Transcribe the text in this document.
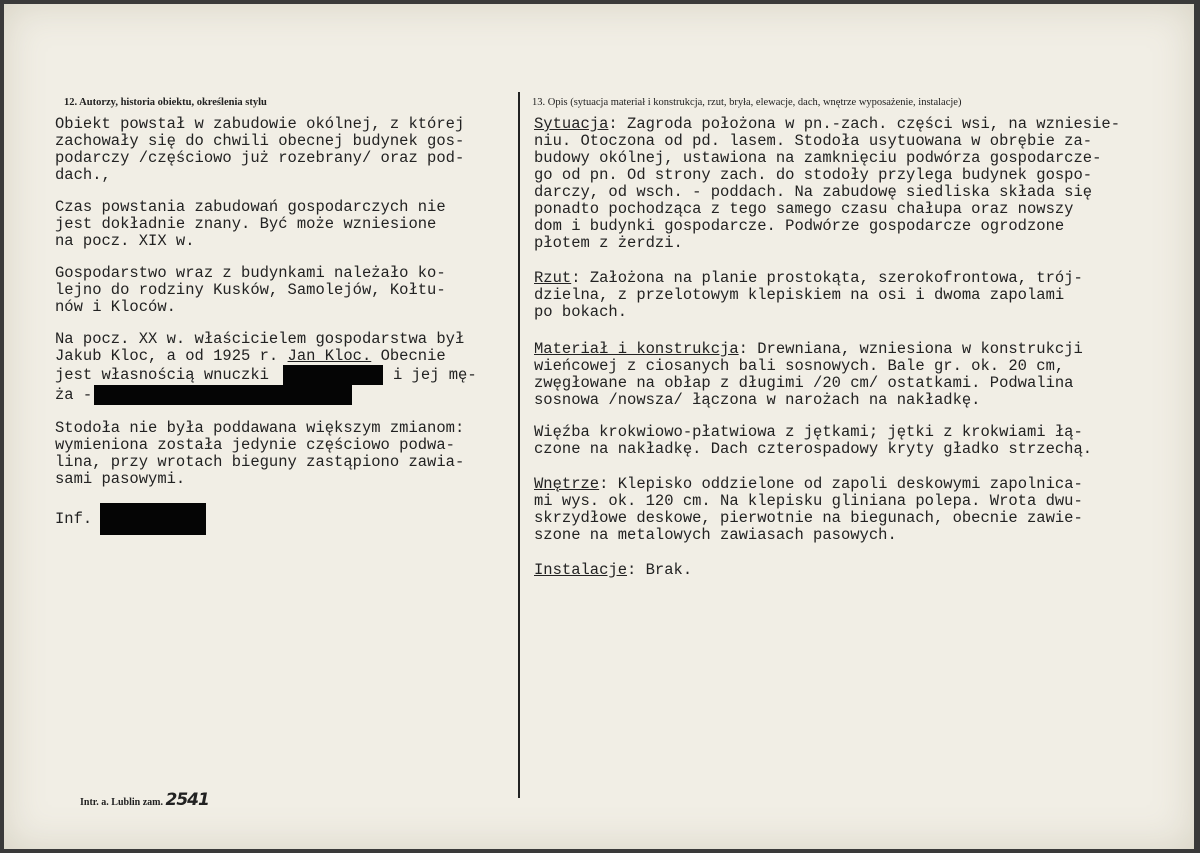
12. Autorzy, historia obiektu, określenia stylu	13. Opis (sytuacja materiał i konstrukcja, rzut, bryła, elewacje, dach, wnętrze wyposażenie, instalacje)
Obiekt powstał w zabudowie okólnej, z której
zachowały się do chwili obecnej budynek gos-
podarczy /częściowo już rozebrany/ oraz pod-
dach.,
Czas powstania zabudowań gospodarczych nie
jest dokładnie znany. Być może wzniesione
na pocz. XIX w.
Gospodarstwo wraz z budynkami należało ko-
lejno do rodziny Kusków, Samolejów, Kołtu-
nów i Kloców.
Na pocz. XX w. właścicielem gospodarstwa był
Jakub Kloc, a od 1925 r. Jan Kloc. Obecnie
jest własnością wnuczki	i jej mę-
ża -
Stodoła nie była poddawana większym zmianom:
wymieniona została jedynie częściowo podwa-
lina, przy wrotach bieguny zastąpiono zawia-
sami pasowymi.
Inf.
Sytuacja: Zagroda położona w pn.-zach. części wsi, na wzniesie-
niu. Otoczona od pd. lasem. Stodoła usytuowana w obrębie za-
budowy okólnej, ustawiona na zamknięciu podwórza gospodarcze-
go od pn. Od strony zach. do stodoły przylega budynek gospo-
darczy, od wsch. - poddach. Na zabudowę siedliska składa się
ponadto pochodząca z tego samego czasu chałupa oraz nowszy
dom i budynki gospodarcze. Podwórze gospodarcze ogrodzone
płotem z żerdzi.
Rzut: Założona na planie prostokąta, szerokofrontowa, trój-
dzielna, z przelotowym klepiskiem na osi i dwoma zapolami
po bokach.
Materiał i konstrukcja: Drewniana, wzniesiona w konstrukcji
wieńcowej z ciosanych bali sosnowych. Bale gr. ok. 20 cm,
zwęgłowane na obłap z długimi /20 cm/ ostatkami. Podwalina
sosnowa /nowsza/ łączona w narożach na nakładkę.
Więźba krokwiowo-płatwiowa z jętkami; jętki z krokwiami łą-
czone na nakładkę. Dach czterospadowy kryty gładko strzechą.
Wnętrze: Klepisko oddzielone od zapoli deskowymi zapolnica-
mi wys. ok. 120 cm. Na klepisku gliniana polepa. Wrota dwu-
skrzydłowe deskowe, pierwotnie na biegunach, obecnie zawie-
szone na metalowych zawiasach pasowych.
Instalacje: Brak.
Intr. a. Lublin zam. 2541
